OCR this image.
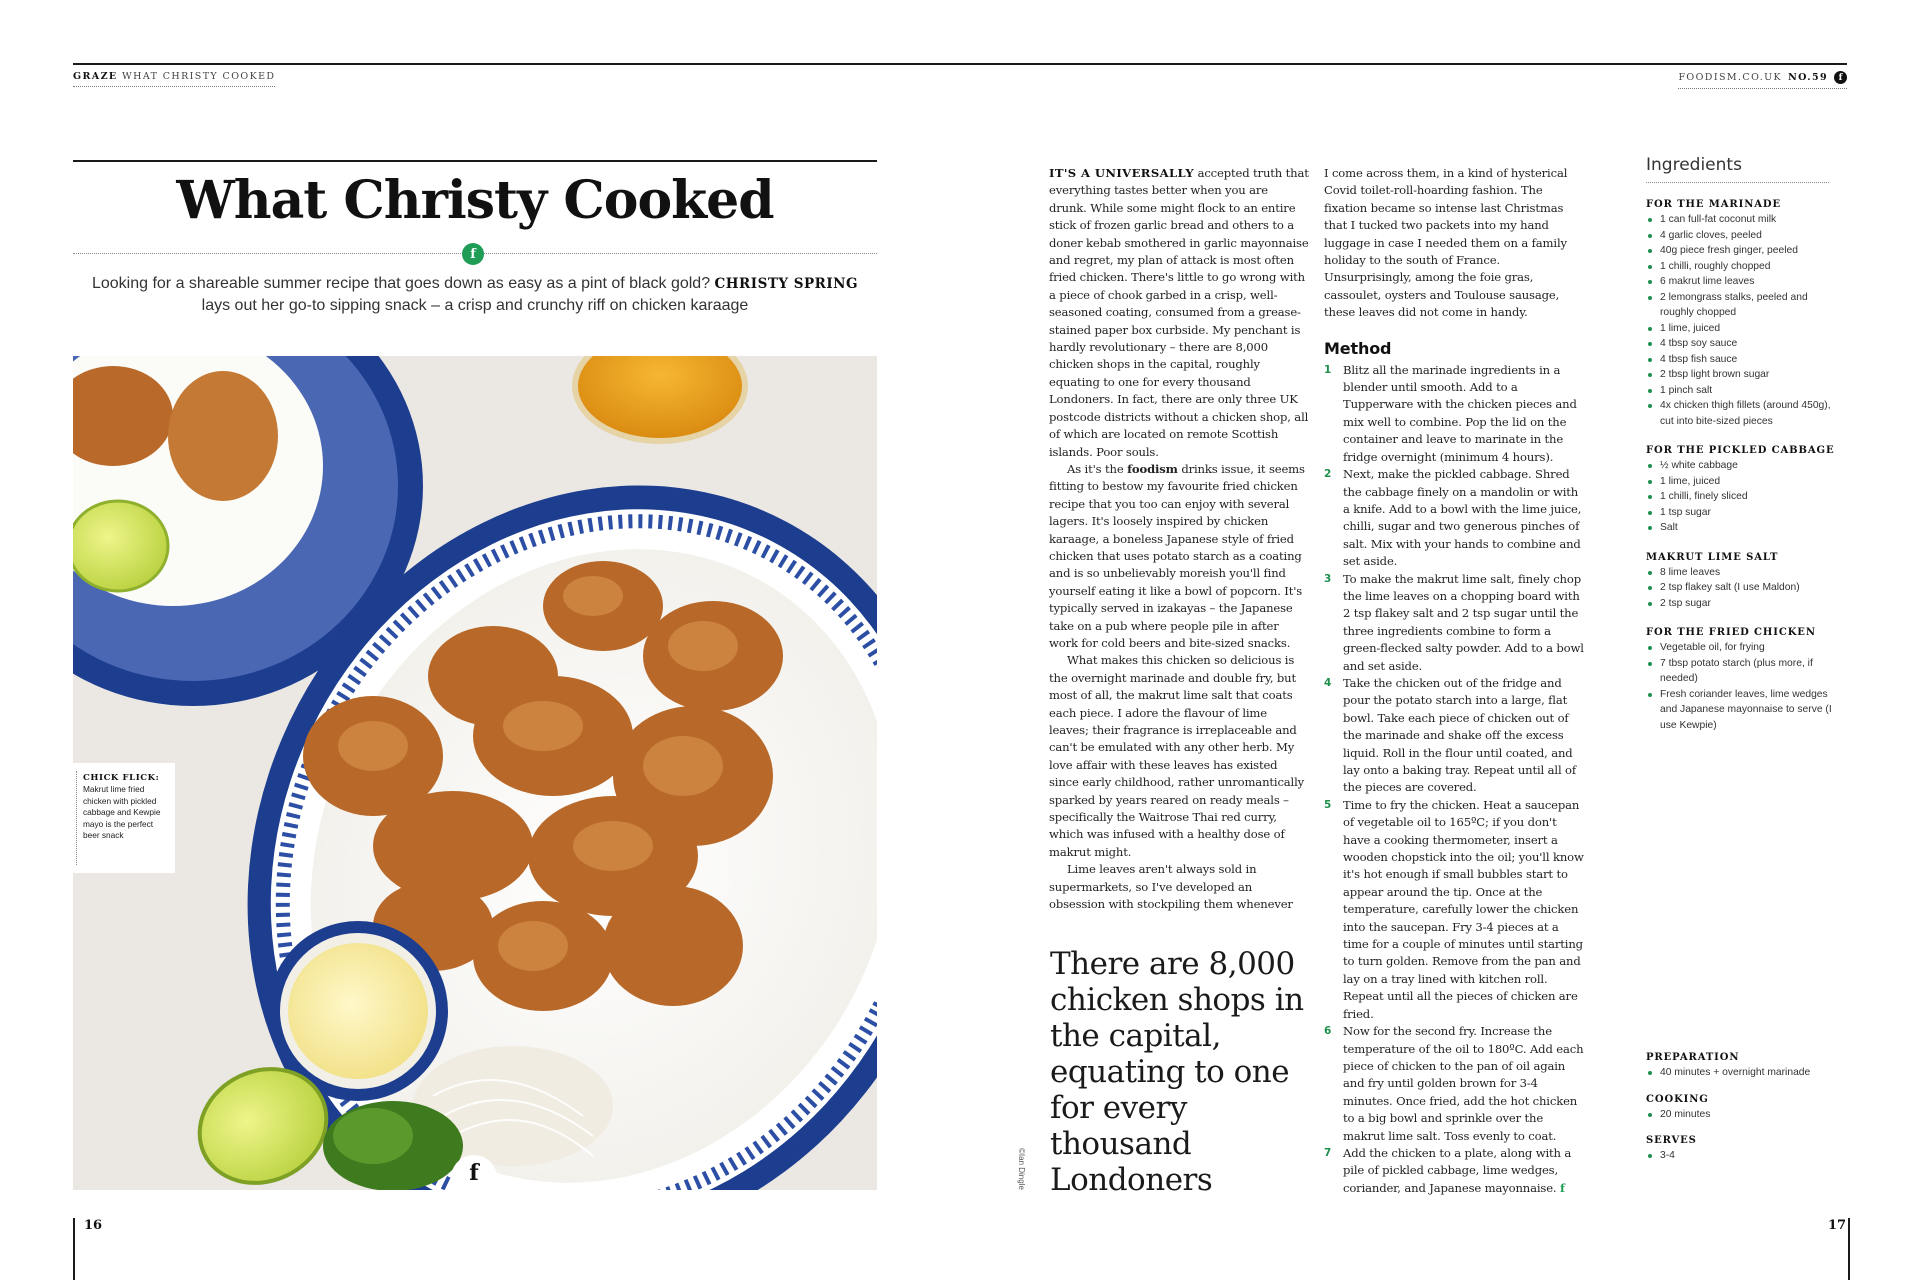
GRAZE WHAT CHRISTY COOKED	FOODISM.CO.UK NO.59	f
What Christy Cooked
f

Looking for a shareable summer recipe that goes down as easy as a pint of black gold? CHRISTY SPRING lays out her go-to sipping snack – a crisp and crunchy riff on chicken karaage

CHICK FLICK:
Makrut lime fried chicken with pickled cabbage and Kewpie mayo is the perfect beer snack
f
16

IT'S A UNIVERSALLY accepted truth that everything tastes better when you are drunk. While some might flock to an entire stick of frozen garlic bread and others to a doner kebab smothered in garlic mayonnaise and regret, my plan of attack is most often fried chicken. There's little to go wrong with a piece of chook garbed in a crisp, well-seasoned coating, consumed from a grease-stained paper box curbside. My penchant is hardly revolutionary – there are 8,000 chicken shops in the capital, roughly equating to one for every thousand Londoners. In fact, there are only three UK postcode districts without a chicken shop, all of which are located on remote Scottish islands. Poor souls.

As it's the foodism drinks issue, it seems fitting to bestow my favourite fried chicken recipe that you too can enjoy with several lagers. It's loosely inspired by chicken karaage, a boneless Japanese style of fried chicken that uses potato starch as a coating and is so unbelievably moreish you'll find yourself eating it like a bowl of popcorn. It's typically served in izakayas – the Japanese take on a pub where people pile in after work for cold beers and bite-sized snacks.

What makes this chicken so delicious is the overnight marinade and double fry, but most of all, the makrut lime salt that coats each piece. I adore the flavour of lime leaves; their fragrance is irreplaceable and can't be emulated with any other herb. My love affair with these leaves has existed since early childhood, rather unromantically sparked by years reared on ready meals – specifically the Waitrose Thai red curry, which was infused with a healthy dose of makrut might.

Lime leaves aren't always sold in supermarkets, so I've developed an obsession with stockpiling them whenever

There are 8,000 chicken shops in the capital, equating to one for every thousand Londoners
©Ian Dingle

I come across them, in a kind of hysterical Covid toilet-roll-hoarding fashion. The fixation became so intense last Christmas that I tucked two packets into my hand luggage in case I needed them on a family holiday to the south of France. Unsurprisingly, among the foie gras, cassoulet, oysters and Toulouse sausage, these leaves did not come in handy.

Method
1 Blitz all the marinade ingredients in a blender until smooth. Add to a Tupperware with the chicken pieces and mix well to combine. Pop the lid on the container and leave to marinate in the fridge overnight (minimum 4 hours).
2 Next, make the pickled cabbage. Shred the cabbage finely on a mandolin or with a knife. Add to a bowl with the lime juice, chilli, sugar and two generous pinches of salt. Mix with your hands to combine and set aside.
3 To make the makrut lime salt, finely chop the lime leaves on a chopping board with 2 tsp flakey salt and 2 tsp sugar until the three ingredients combine to form a green-flecked salty powder. Add to a bowl and set aside.
4 Take the chicken out of the fridge and pour the potato starch into a large, flat bowl. Take each piece of chicken out of the marinade and shake off the excess liquid. Roll in the flour until coated, and lay onto a baking tray. Repeat until all of the pieces are covered.
5 Time to fry the chicken. Heat a saucepan of vegetable oil to 165ºC; if you don't have a cooking thermometer, insert a wooden chopstick into the oil; you'll know it's hot enough if small bubbles start to appear around the tip. Once at the temperature, carefully lower the chicken into the saucepan. Fry 3-4 pieces at a time for a couple of minutes until starting to turn golden. Remove from the pan and lay on a tray lined with kitchen roll. Repeat until all the pieces of chicken are fried.
6 Now for the second fry. Increase the temperature of the oil to 180ºC. Add each piece of chicken to the pan of oil again and fry until golden brown for 3-4 minutes. Once fried, add the hot chicken to a big bowl and sprinkle over the makrut lime salt. Toss evenly to coat.
7 Add the chicken to a plate, along with a pile of pickled cabbage, lime wedges, coriander, and Japanese mayonnaise. f
Ingredients
FOR THE MARINADE
1 can full-fat coconut milk
4 garlic cloves, peeled
40g piece fresh ginger, peeled
1 chilli, roughly chopped
6 makrut lime leaves
2 lemongrass stalks, peeled and roughly chopped
1 lime, juiced
4 tbsp soy sauce
4 tbsp fish sauce
2 tbsp light brown sugar
1 pinch salt
4x chicken thigh fillets (around 450g), cut into bite-sized pieces
FOR THE PICKLED CABBAGE
½ white cabbage
1 lime, juiced
1 chilli, finely sliced
1 tsp sugar
Salt
MAKRUT LIME SALT
8 lime leaves
2 tsp flakey salt (I use Maldon)
2 tsp sugar
FOR THE FRIED CHICKEN
Vegetable oil, for frying
7 tbsp potato starch (plus more, if needed)
Fresh coriander leaves, lime wedges and Japanese mayonnaise to serve (I use Kewpie)
PREPARATION
40 minutes + overnight marinade
COOKING
20 minutes
SERVES
3-4
17
